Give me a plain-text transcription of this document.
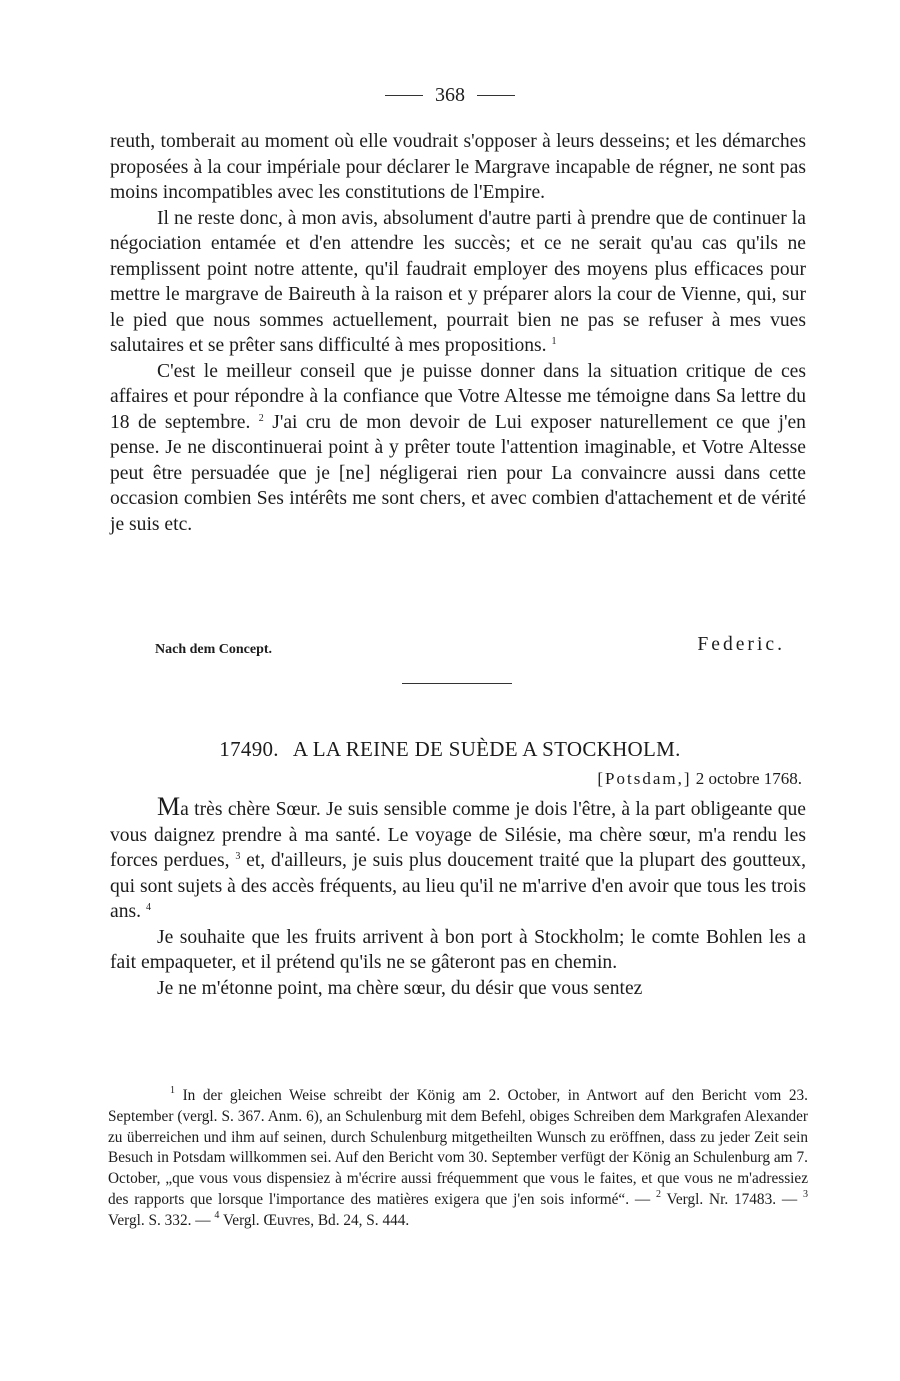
368

reuth, tomberait au moment où elle voudrait s'opposer à leurs desseins; et les démarches proposées à la cour impériale pour déclarer le Margrave incapable de régner, ne sont pas moins incompatibles avec les constitutions de l'Empire.

Il ne reste donc, à mon avis, absolument d'autre parti à prendre que de continuer la négociation entamée et d'en attendre les succès; et ce ne serait qu'au cas qu'ils ne remplissent point notre attente, qu'il faudrait employer des moyens plus efficaces pour mettre le margrave de Baireuth à la raison et y préparer alors la cour de Vienne, qui, sur le pied que nous sommes actuellement, pourrait bien ne pas se refuser à mes vues salutaires et se prêter sans difficulté à mes propositions. $^1$

C'est le meilleur conseil que je puisse donner dans la situation critique de ces affaires et pour répondre à la confiance que Votre Altesse me témoigne dans Sa lettre du 18 de septembre. $^2$ J'ai cru de mon devoir de Lui exposer naturellement ce que j'en pense. Je ne discontinuerai point à y prêter toute l'attention imaginable, et Votre Altesse peut être persuadée que je [ne] négligerai rien pour La convaincre aussi dans cette occasion combien Ses intérêts me sont chers, et avec combien d'attachement et de vérité je suis etc.

Nach dem Concept.	Federic.
17490. A LA REINE DE SUÈDE A STOCKHOLM.
[Potsdam,] 2 octobre 1768.

Ma très chère Sœur. Je suis sensible comme je dois l'être, à la part obligeante que vous daignez prendre à ma santé. Le voyage de Silésie, ma chère sœur, m'a rendu les forces perdues, $^3$ et, d'ailleurs, je suis plus doucement traité que la plupart des goutteux, qui sont sujets à des accès fréquents, au lieu qu'il ne m'arrive d'en avoir que tous les trois ans. $^4$

Je souhaite que les fruits arrivent à bon port à Stockholm; le comte Bohlen les a fait empaqueter, et il prétend qu'ils ne se gâteront pas en chemin.

Je ne m'étonne point, ma chère sœur, du désir que vous sentez

$^1$ In der gleichen Weise schreibt der König am 2. October, in Antwort auf den Bericht vom 23. September (vergl. S. 367. Anm. 6), an Schulenburg mit dem Befehl, obiges Schreiben dem Markgrafen Alexander zu überreichen und ihm auf seinen, durch Schulenburg mitgetheilten Wunsch zu eröffnen, dass zu jeder Zeit sein Besuch in Potsdam willkommen sei. Auf den Bericht vom 30. September verfügt der König an Schulenburg am 7. October, „que vous vous dispensiez à m'écrire aussi fréquemment que vous le faites, et que vous ne m'adressiez des rapports que lorsque l'importance des matières exigera que j'en sois informé“. — $^2$ Vergl. Nr. 17483. — $^3$ Vergl. S. 332. — $^4$ Vergl. Œuvres, Bd. 24, S. 444.
